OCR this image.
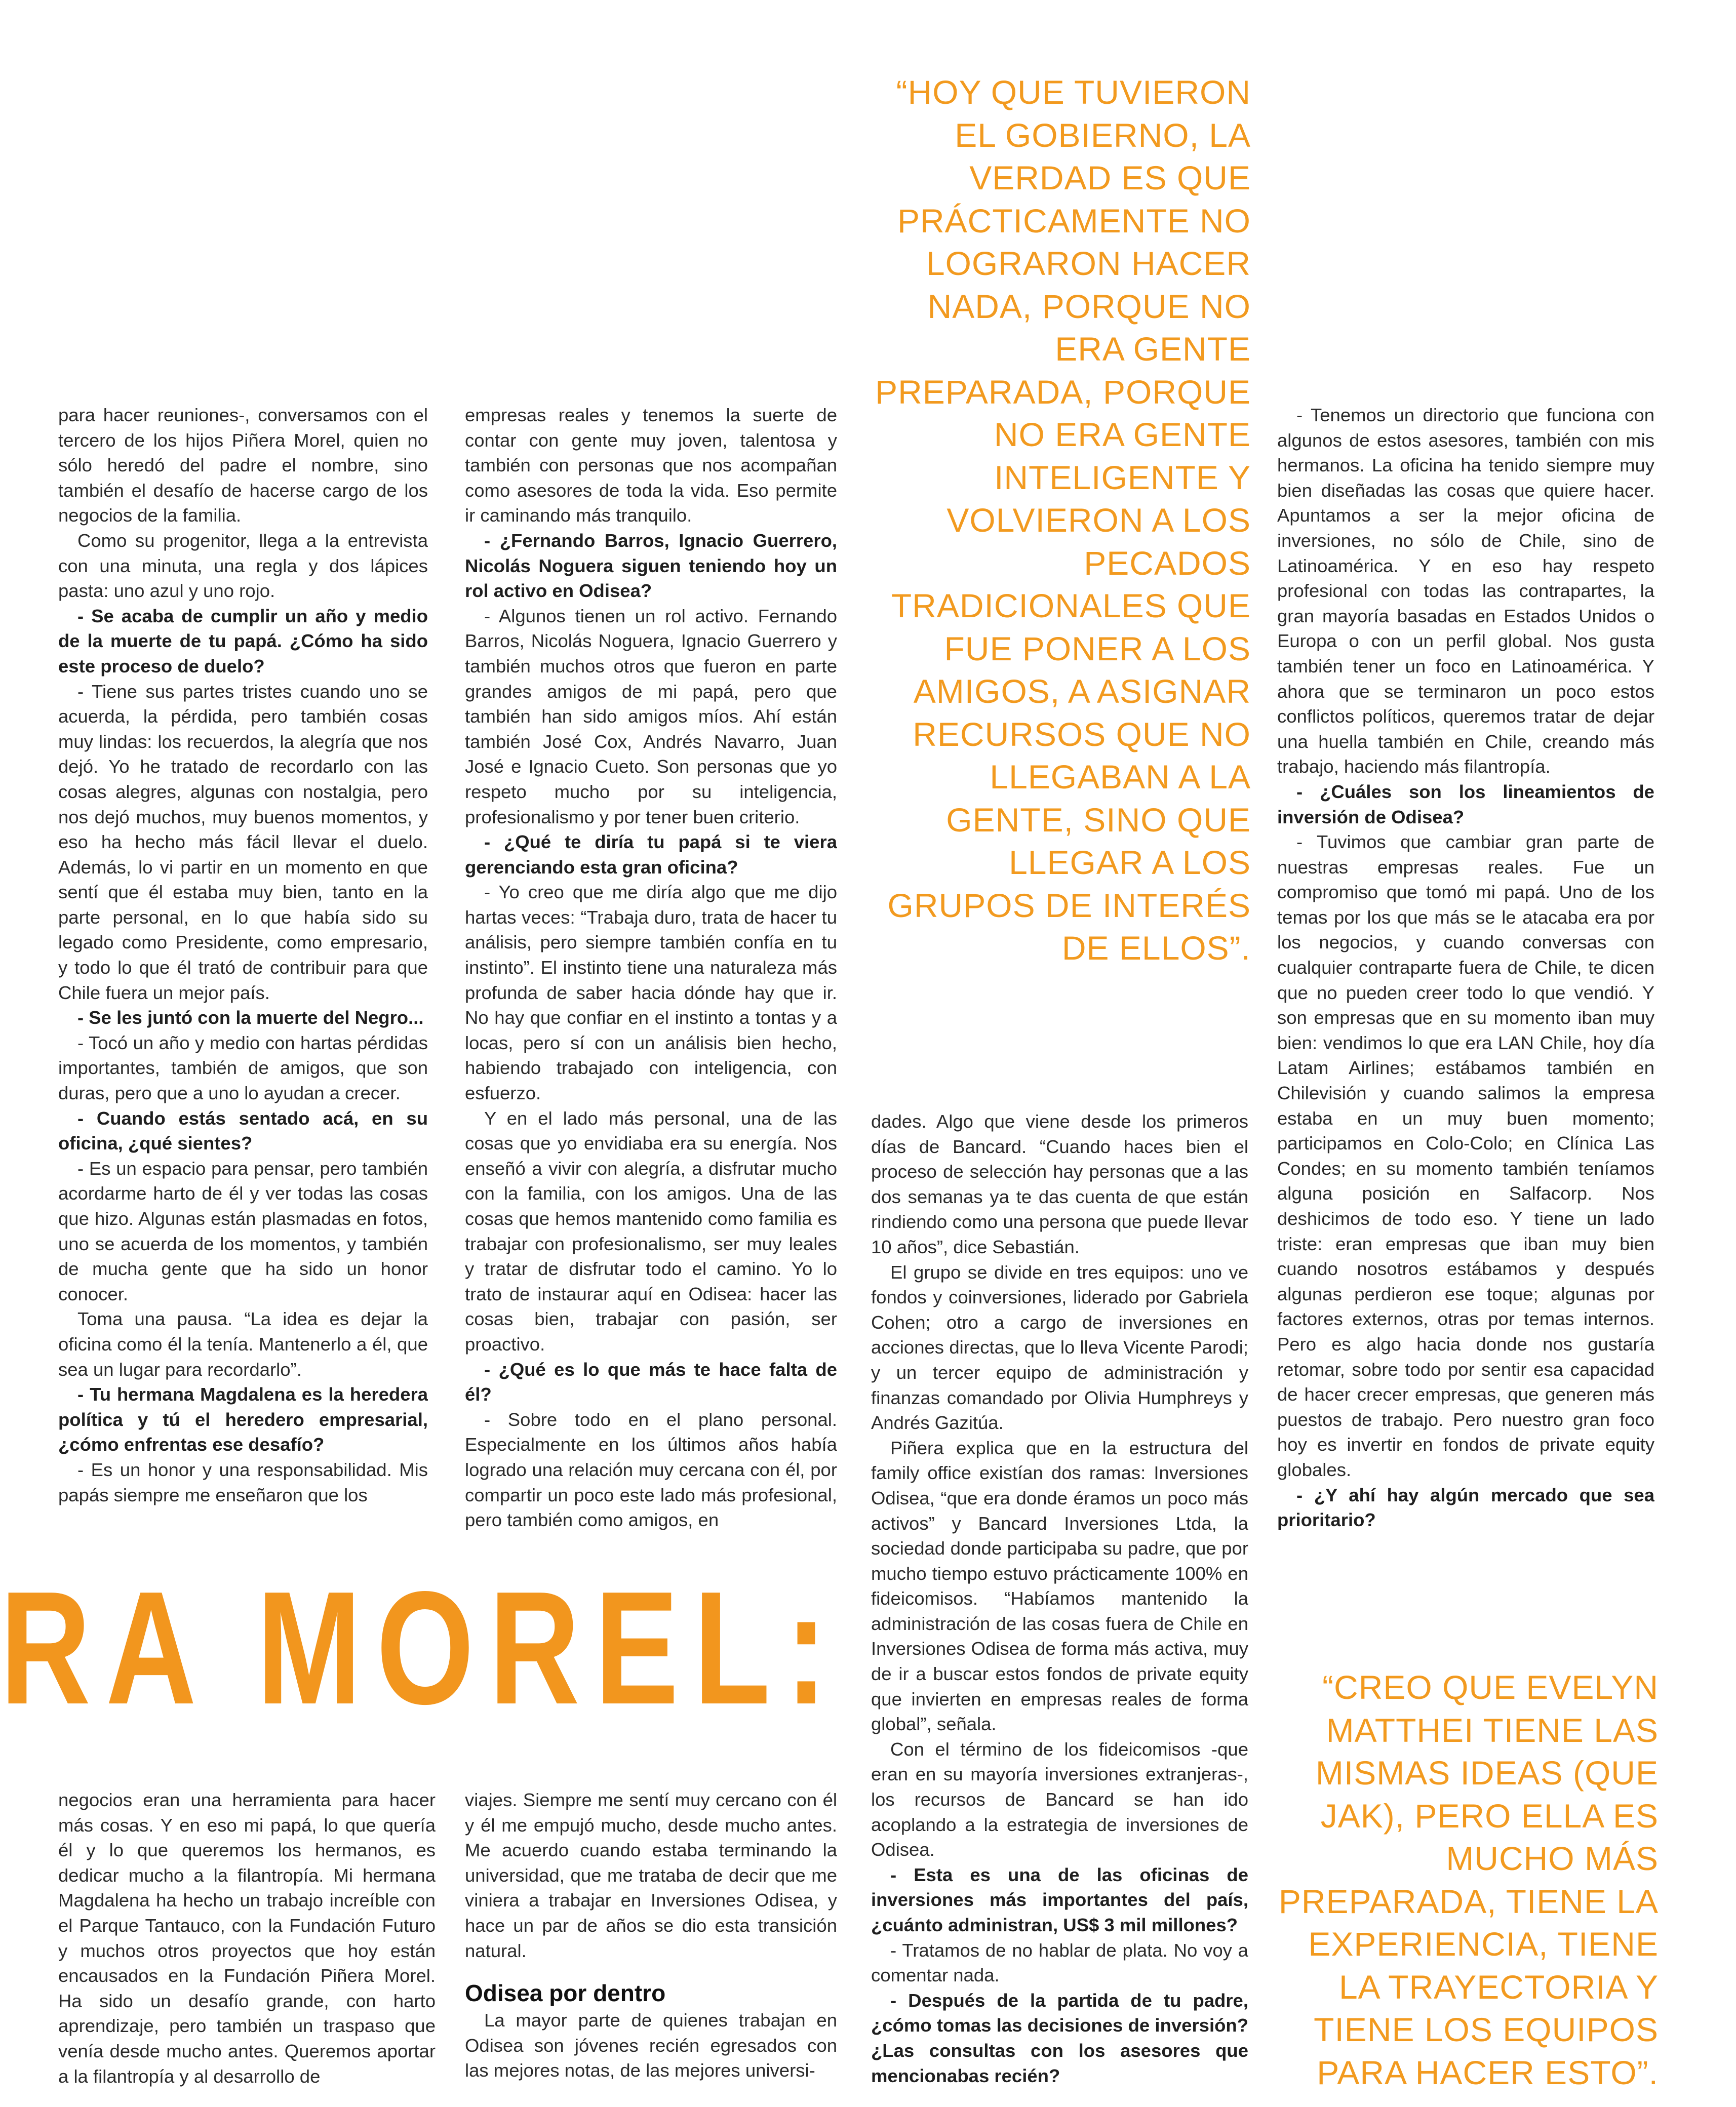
“HOY QUE TUVIERON EL GOBIERNO, LA VERDAD ES QUE PRÁCTICAMENTE NO LOGRARON HACER NADA, PORQUE NO ERA GENTE PREPARADA, PORQUE NO ERA GENTE INTELIGENTE Y VOLVIERON A LOS PECADOS TRADICIONALES QUE FUE PONER A LOS AMIGOS, A ASIGNAR RECURSOS QUE NO LLEGABAN A LA GENTE, SINO QUE LLEGAR A LOS GRUPOS DE INTERÉS DE ELLOS”.

para hacer reuniones-, conversamos con el tercero de los hijos Piñera Morel, quien no sólo heredó del padre el nombre, sino también el desafío de hacerse cargo de los negocios de la familia.

Como su progenitor, llega a la entrevista con una minuta, una regla y dos lápices pasta: uno azul y uno rojo.

- Se acaba de cumplir un año y medio de la muerte de tu papá. ¿Cómo ha sido este proceso de duelo?

- Tiene sus partes tristes cuando uno se acuerda, la pérdida, pero también cosas muy lindas: los recuerdos, la alegría que nos dejó. Yo he tratado de recordarlo con las cosas alegres, algunas con nostalgia, pero nos dejó muchos, muy buenos momentos, y eso ha hecho más fácil llevar el duelo. Además, lo vi partir en un momento en que sentí que él estaba muy bien, tanto en la parte personal, en lo que había sido su legado como Presidente, como empresario, y todo lo que él trató de contribuir para que Chile fuera un mejor país.

- Se les juntó con la muerte del Negro...

- Tocó un año y medio con hartas pérdidas importantes, también de amigos, que son duras, pero que a uno lo ayudan a crecer.

- Cuando estás sentado acá, en su oficina, ¿qué sientes?

- Es un espacio para pensar, pero también acordarme harto de él y ver todas las cosas que hizo. Algunas están plasmadas en fotos, uno se acuerda de los momentos, y también de mucha gente que ha sido un honor conocer.

Toma una pausa. “La idea es dejar la oficina como él la tenía. Mantenerlo a él, que sea un lugar para recordarlo”.

- Tu hermana Magdalena es la heredera política y tú el heredero empresarial, ¿cómo enfrentas ese desafío?

- Es un honor y una responsabilidad. Mis papás siempre me enseñaron que los

empresas reales y tenemos la suerte de contar con gente muy joven, talentosa y también con personas que nos acompañan como asesores de toda la vida. Eso permite ir caminando más tranquilo.

- ¿Fernando Barros, Ignacio Guerrero, Nicolás Noguera siguen teniendo hoy un rol activo en Odisea?

- Algunos tienen un rol activo. Fernando Barros, Nicolás Noguera, Ignacio Guerrero y también muchos otros que fueron en parte grandes amigos de mi papá, pero que también han sido amigos míos. Ahí están también José Cox, Andrés Navarro, Juan José e Ignacio Cueto. Son personas que yo respeto mucho por su inteligencia, profesionalismo y por tener buen criterio.

- ¿Qué te diría tu papá si te viera gerenciando esta gran oficina?

- Yo creo que me diría algo que me dijo hartas veces: “Trabaja duro, trata de hacer tu análisis, pero siempre también confía en tu instinto”. El instinto tiene una naturaleza más profunda de saber hacia dónde hay que ir. No hay que confiar en el instinto a tontas y a locas, pero sí con un análisis bien hecho, habiendo trabajado con inteligencia, con esfuerzo.

Y en el lado más personal, una de las cosas que yo envidiaba era su energía. Nos enseñó a vivir con alegría, a disfrutar mucho con la familia, con los amigos. Una de las cosas que hemos mantenido como familia es trabajar con profesionalismo, ser muy leales y tratar de disfrutar todo el camino. Yo lo trato de instaurar aquí en Odisea: hacer las cosas bien, trabajar con pasión, ser proactivo.

- ¿Qué es lo que más te hace falta de él?

- Sobre todo en el plano personal. Especialmente en los últimos años había logrado una relación muy cercana con él, por compartir un poco este lado más profesional, pero también como amigos, en

dades. Algo que viene desde los primeros días de Bancard. “Cuando haces bien el proceso de selección hay personas que a las dos semanas ya te das cuenta de que están rindiendo como una persona que puede llevar 10 años”, dice Sebastián.

El grupo se divide en tres equipos: uno ve fondos y coinversiones, liderado por Gabriela Cohen; otro a cargo de inversiones en acciones directas, que lo lleva Vicente Parodi; y un tercer equipo de administración y finanzas comandado por Olivia Humphreys y Andrés Gazitúa.

Piñera explica que en la estructura del family office existían dos ramas: Inversiones Odisea, “que era donde éramos un poco más activos” y Bancard Inversiones Ltda, la sociedad donde participaba su padre, que por mucho tiempo estuvo prácticamente 100% en fideicomisos. “Habíamos mantenido la administración de las cosas fuera de Chile en Inversiones Odisea de forma más activa, muy de ir a buscar estos fondos de private equity que invierten en empresas reales de forma global”, señala.

Con el término de los fideicomisos -que eran en su mayoría inversiones extranjeras-, los recursos de Bancard se han ido acoplando a la estrategia de inversiones de Odisea.

- Esta es una de las oficinas de inversiones más importantes del país, ¿cuánto administran, US$ 3 mil millones?

- Tratamos de no hablar de plata. No voy a comentar nada.

- Después de la partida de tu padre, ¿cómo tomas las decisiones de inversión? ¿Las consultas con los asesores que mencionabas recién?

- Tenemos un directorio que funciona con algunos de estos asesores, también con mis hermanos. La oficina ha tenido siempre muy bien diseñadas las cosas que quiere hacer. Apuntamos a ser la mejor oficina de inversiones, no sólo de Chile, sino de Latinoamérica. Y en eso hay respeto profesional con todas las contrapartes, la gran mayoría basadas en Estados Unidos o Europa o con un perfil global. Nos gusta también tener un foco en Latinoamérica. Y ahora que se terminaron un poco estos conflictos políticos, queremos tratar de dejar una huella también en Chile, creando más trabajo, haciendo más filantropía.

- ¿Cuáles son los lineamientos de inversión de Odisea?

- Tuvimos que cambiar gran parte de nuestras empresas reales. Fue un compromiso que tomó mi papá. Uno de los temas por los que más se le atacaba era por los negocios, y cuando conversas con cualquier contraparte fuera de Chile, te dicen que no pueden creer todo lo que vendió. Y son empresas que en su momento iban muy bien: vendimos lo que era LAN Chile, hoy día Latam Airlines; estábamos también en Chilevisión y cuando salimos la empresa estaba en un muy buen momento; participamos en Colo-Colo; en Clínica Las Condes; en su momento también teníamos alguna posición en Salfacorp. Nos deshicimos de todo eso. Y tiene un lado triste: eran empresas que iban muy bien cuando nosotros estábamos y después algunas perdieron ese toque; algunas por factores externos, otras por temas internos. Pero es algo hacia donde nos gustaría retomar, sobre todo por sentir esa capacidad de hacer crecer empresas, que generen más puestos de trabajo. Pero nuestro gran foco hoy es invertir en fondos de private equity globales.

- ¿Y ahí hay algún mercado que sea prioritario?

RA MOREL:

negocios eran una herramienta para hacer más cosas. Y en eso mi papá, lo que quería él y lo que queremos los hermanos, es dedicar mucho a la filantropía. Mi hermana Magdalena ha hecho un trabajo increíble con el Parque Tantauco, con la Fundación Futuro y muchos otros proyectos que hoy están encausados en la Fundación Piñera Morel. Ha sido un desafío grande, con harto aprendizaje, pero también un traspaso que venía desde mucho antes. Queremos aportar a la filantropía y al desarrollo de

viajes. Siempre me sentí muy cercano con él y él me empujó mucho, desde mucho antes. Me acuerdo cuando estaba terminando la universidad, que me trataba de decir que me viniera a trabajar en Inversiones Odisea, y hace un par de años se dio esta transición natural.

Odisea por dentro

La mayor parte de quienes trabajan en Odisea son jóvenes recién egresados con las mejores notas, de las mejores universi-

“CREO QUE EVELYN MATTHEI TIENE LAS MISMAS IDEAS (QUE JAK), PERO ELLA ES MUCHO MÁS PREPARADA, TIENE LA EXPERIENCIA, TIENE LA TRAYECTORIA Y TIENE LOS EQUIPOS PARA HACER ESTO”.
